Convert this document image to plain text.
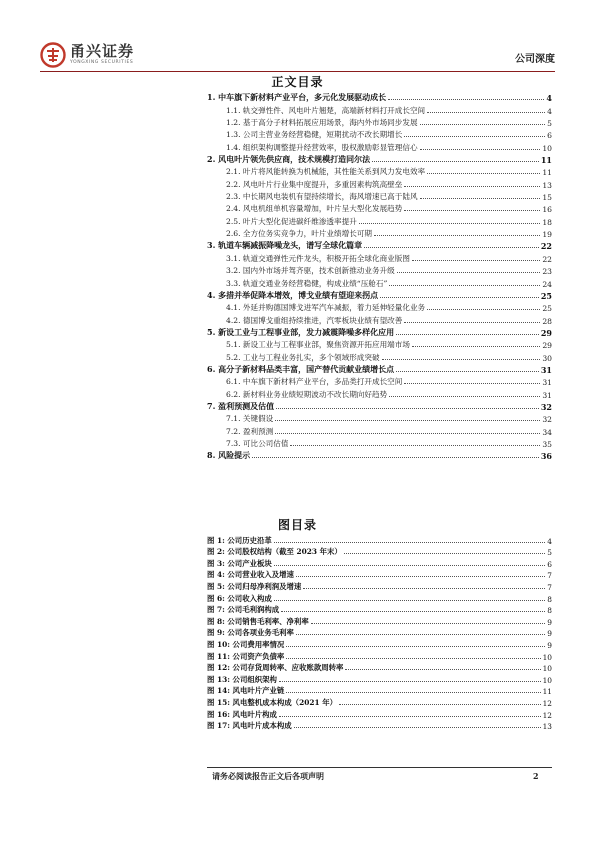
甬兴证券
YONGXING SECURITIES	公司深度
正文目录
1. 中车旗下新材料产业平台，多元化发展驱动成长	4
1.1. 轨交弹性件、风电叶片翘楚，高端新材料打开成长空间	4
1.2. 基于高分子材料拓展应用场景，海内外市场同步发展	5
1.3. 公司主营业务经营稳健，短期扰动不改长期增长	6
1.4. 组织架构调整提升经营效率，股权激励彰显管理信心	10
2. 风电叶片领先供应商，技术规模打造同尔法	11
2.1. 叶片将风能转换为机械能，其性能关系到风力发电效率	11
2.2. 风电叶片行业集中度提升，多重因素构筑高壁垒	13
2.3. 中长期风电装机有望持续增长，海风增速已高于陆风	15
2.4. 风电机组单机容量增加，叶片呈大型化发展趋势	16
2.5. 叶片大型化促进碳纤维渗透率提升	18
2.6. 全方位务实竞争力，叶片业绩增长可期	19
3. 轨道车辆减振降噪龙头，谱写全球化篇章	22
3.1. 轨道交通弹性元件龙头，积极开拓全球化商业版图	22
3.2. 国内外市场并驾齐驱，技术创新推动业务升级	23
3.3. 轨道交通业务经营稳健，构成业绩“压舱石”	24
4. 多措并举促降本增效，博戈业绩有望迎来拐点	25
4.1. 外延并购德国博戈进军汽车减振，着力延伸轻量化业务	25
4.2. 德国博戈重组持续推进，汽零板块业绩有望改善	28
5. 新设工业与工程事业部，发力减震降噪多样化应用	29
5.1. 新设工业与工程事业部，聚焦资源开拓应用端市场	29
5.2. 工业与工程业务扎实，多个领域形成突破	30
6. 高分子新材料品类丰富，国产替代贡献业绩增长点	31
6.1. 中车旗下新材料产业平台，多品类打开成长空间	31
6.2. 新材料业务业绩短期波动不改长期向好趋势	31
7. 盈利预测及估值	32
7.1. 关键假设	32
7.2. 盈利预测	34
7.3. 可比公司估值	35
8. 风险提示	36
图目录
图 1: 公司历史沿革	4
图 2: 公司股权结构（截至 2023 年末）	5
图 3: 公司产业板块	6
图 4: 公司营业收入及增速	7
图 5: 公司归母净利润及增速	7
图 6: 公司收入构成	8
图 7: 公司毛利润构成	8
图 8: 公司销售毛利率、净利率	9
图 9: 公司各项业务毛利率	9
图 10: 公司费用率情况	9
图 11: 公司资产负债率	10
图 12: 公司存货周转率、应收账款周转率	10
图 13: 公司组织架构	10
图 14: 风电叶片产业链	11
图 15: 风电整机成本构成（2021 年）	12
图 16: 风电叶片构成	12
图 17: 风电叶片成本构成	13
请务必阅读报告正文后各项声明	2
